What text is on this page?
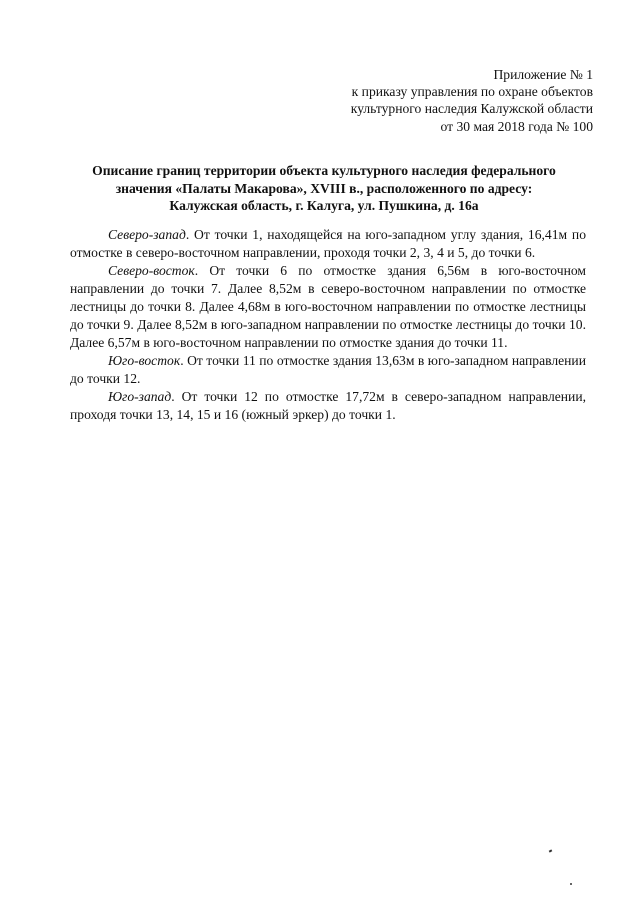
Приложение № 1
к приказу управления по охране объектов
культурного наследия Калужской области
от 30 мая 2018 года № 100
Описание границ территории объекта культурного наследия федерального
значения «Палаты Макарова», XVIII в., расположенного по адресу:
Калужская область, г. Калуга, ул. Пушкина, д. 16а

Северо-запад. От точки 1, находящейся на юго-западном углу здания, 16,41м по отмостке в северо-восточном направлении, проходя точки 2, 3, 4 и 5, до точки 6.

Северо-восток. От точки 6 по отмостке здания 6,56м в юго-восточном направлении до точки 7. Далее 8,52м в северо-восточном направлении по отмостке лестницы до точки 8. Далее 4,68м в юго-восточном направлении по отмостке лестницы до точки 9. Далее 8,52м в юго-западном направлении по отмостке лестницы до точки 10. Далее 6,57м в юго-восточном направлении по отмостке здания до точки 11.

Юго-восток. От точки 11 по отмостке здания 13,63м в юго-западном направлении до точки 12.

Юго-запад. От точки 12 по отмостке 17,72м в северо-западном направлении, проходя точки 13, 14, 15 и 16 (южный эркер) до точки 1.
